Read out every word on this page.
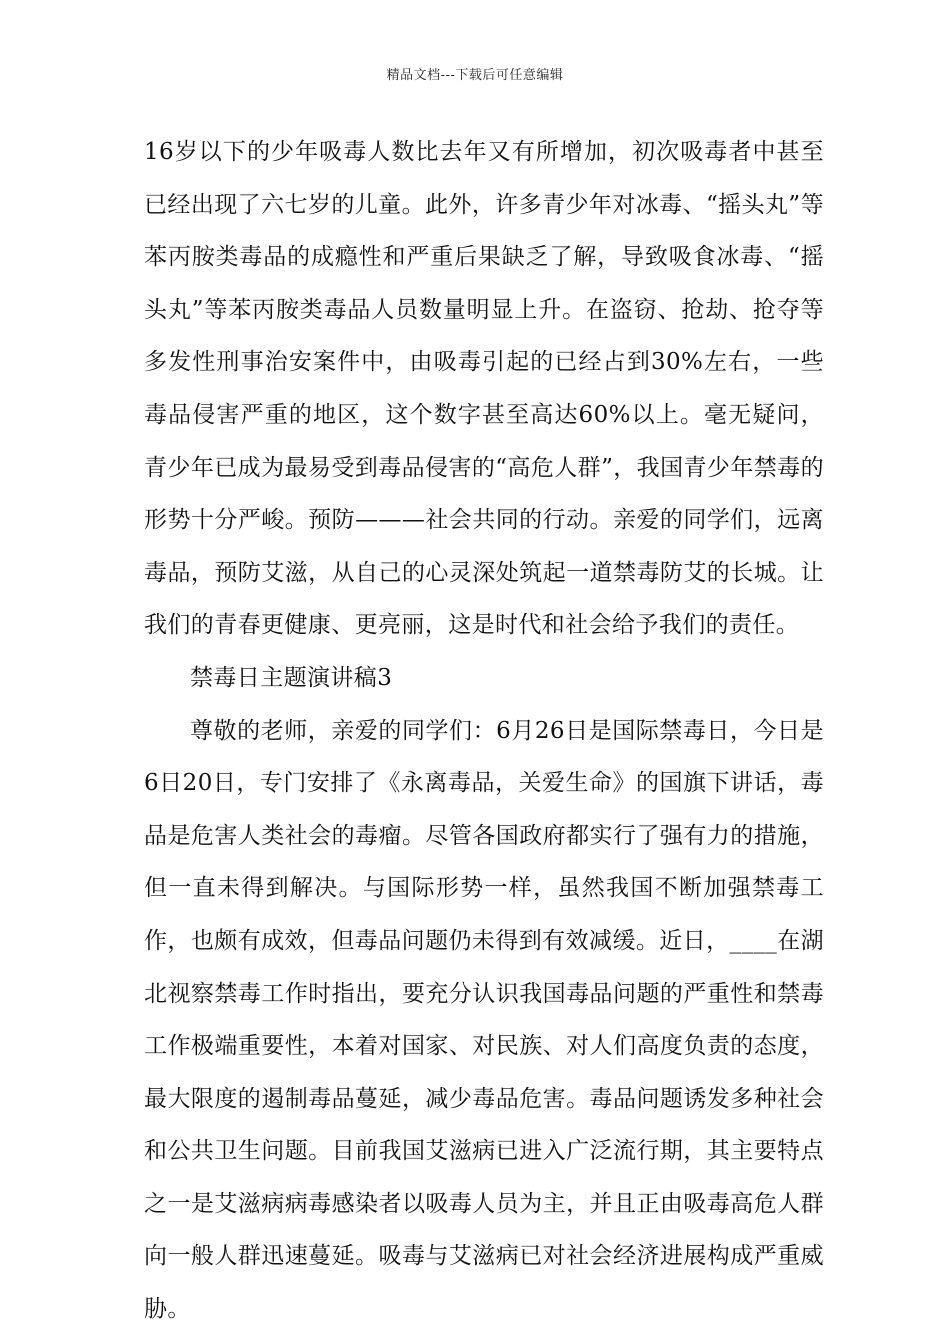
精品文档---下载后可任意编辑

16岁以下的少年吸毒人数比去年又有所增加，初次吸毒者中甚至已经出现了六七岁的儿童。此外，许多青少年对冰毒、“摇头丸”等苯丙胺类毒品的成瘾性和严重后果缺乏了解，导致吸食冰毒、“摇头丸”等苯丙胺类毒品人员数量明显上升。在盗窃、抢劫、抢夺等多发性刑事治安案件中，由吸毒引起的已经占到30%左右，一些毒品侵害严重的地区，这个数字甚至高达60%以上。毫无疑问，青少年已成为最易受到毒品侵害的“高危人群”，我国青少年禁毒的形势十分严峻。预防———社会共同的行动。亲爱的同学们，远离毒品，预防艾滋，从自己的心灵深处筑起一道禁毒防艾的长城。让我们的青春更健康、更亮丽，这是时代和社会给予我们的责任。

禁毒日主题演讲稿3

尊敬的老师，亲爱的同学们：6月26日是国际禁毒日，今日是6日20日，专门安排了《永离毒品，关爱生命》的国旗下讲话，毒品是危害人类社会的毒瘤。尽管各国政府都实行了强有力的措施，但一直未得到解决。与国际形势一样，虽然我国不断加强禁毒工作，也颇有成效，但毒品问题仍未得到有效减缓。近日，____在湖北视察禁毒工作时指出，要充分认识我国毒品问题的严重性和禁毒工作极端重要性，本着对国家、对民族、对人们高度负责的态度，最大限度的遏制毒品蔓延，减少毒品危害。毒品问题诱发多种社会和公共卫生问题。目前我国艾滋病已进入广泛流行期，其主要特点之一是艾滋病病毒感染者以吸毒人员为主，并且正由吸毒高危人群向一般人群迅速蔓延。吸毒与艾滋病已对社会经济进展构成严重威胁。
